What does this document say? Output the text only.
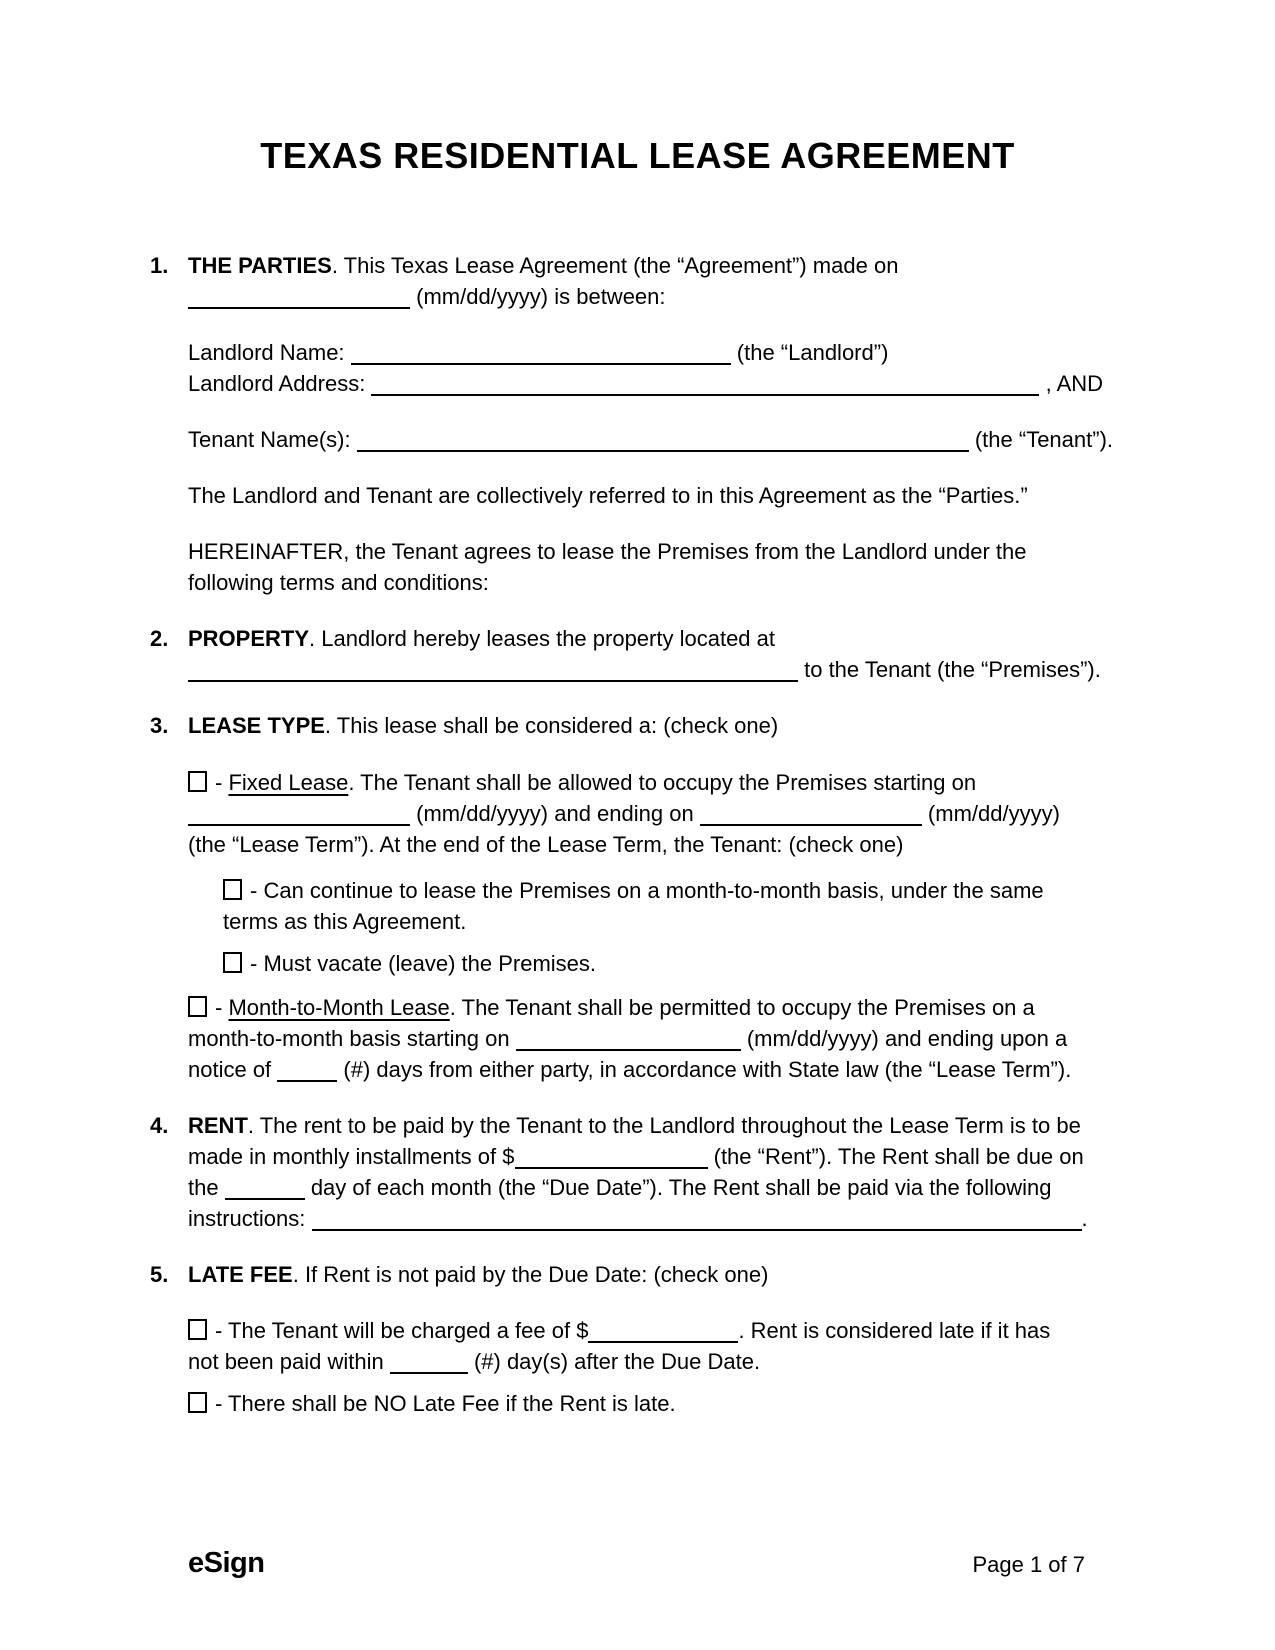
TEXAS RESIDENTIAL LEASE AGREEMENT
1. THE PARTIES. This Texas Lease Agreement (the “Agreement”) made on
(mm/dd/yyyy) is between:

Landlord Name:	(the “Landlord”)
Landlord Address:	, AND

Tenant Name(s):	(the “Tenant”).

The Landlord and Tenant are collectively referred to in this Agreement as the “Parties.”

HEREINAFTER, the Tenant agrees to lease the Premises from the Landlord under the
following terms and conditions:

2. PROPERTY. Landlord hereby leases the property located at
to the Tenant (the “Premises”).

3. LEASE TYPE. This lease shall be considered a: (check one)

- Fixed Lease. The Tenant shall be allowed to occupy the Premises starting on
(mm/dd/yyyy) and ending on	(mm/dd/yyyy)
(the “Lease Term”). At the end of the Lease Term, the Tenant: (check one)

- Can continue to lease the Premises on a month-to-month basis, under the same
terms as this Agreement.

- Must vacate (leave) the Premises.

- Month-to-Month Lease. The Tenant shall be permitted to occupy the Premises on a
month-to-month basis starting on	(mm/dd/yyyy) and ending upon a
notice of	(#) days from either party, in accordance with State law (the “Lease Term”).

4. RENT. The rent to be paid by the Tenant to the Landlord throughout the Lease Term is to be
made in monthly installments of $	(the “Rent”). The Rent shall be due on
the	day of each month (the “Due Date”). The Rent shall be paid via the following
instructions:	.

5. LATE FEE. If Rent is not paid by the Due Date: (check one)

- The Tenant will be charged a fee of $	. Rent is considered late if it has
not been paid within	(#) day(s) after the Due Date.

- There shall be NO Late Fee if the Rent is late.

eSign	Page 1 of 7
